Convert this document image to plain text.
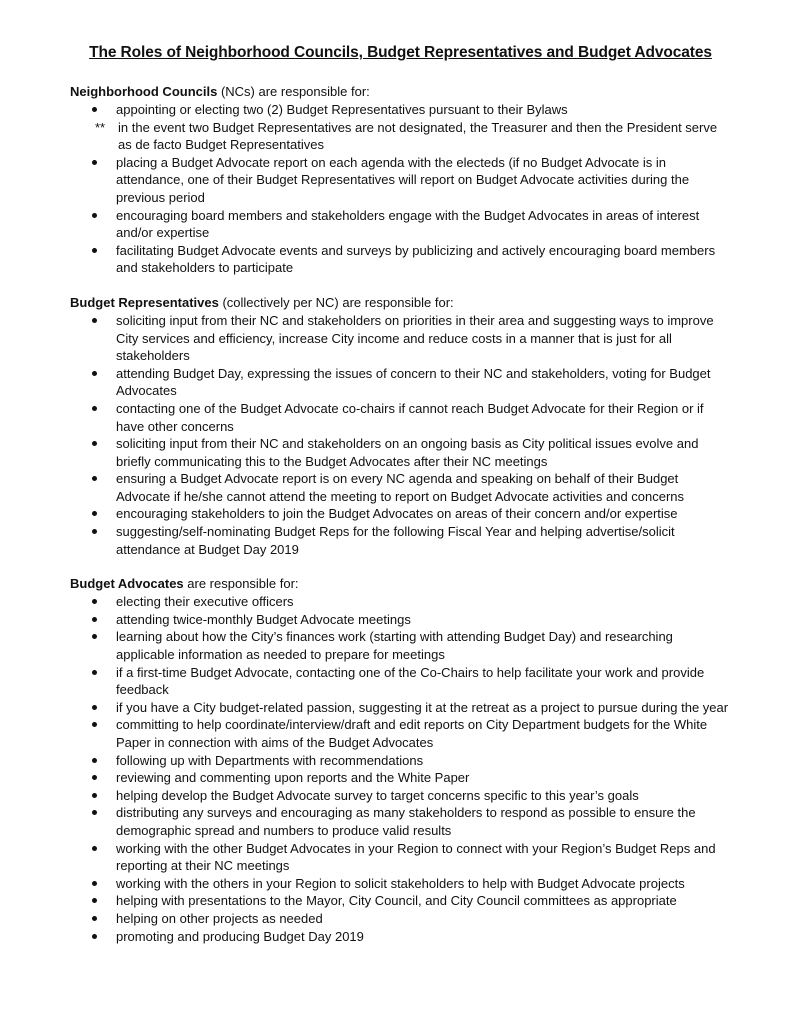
The Roles of Neighborhood Councils, Budget Representatives and Budget Advocates

Neighborhood Councils (NCs) are responsible for:

appointing or electing two (2) Budget Representatives pursuant to their Bylaws
** in the event two Budget Representatives are not designated, the Treasurer and then the President serve as de facto Budget Representatives
placing a Budget Advocate report on each agenda with the electeds (if no Budget Advocate is in attendance, one of their Budget Representatives will report on Budget Advocate activities during the previous period
encouraging board members and stakeholders engage with the Budget Advocates in areas of interest and/or expertise
facilitating Budget Advocate events and surveys by publicizing and actively encouraging board members and stakeholders to participate

Budget Representatives (collectively per NC) are responsible for:

soliciting input from their NC and stakeholders on priorities in their area and suggesting ways to improve City services and efficiency, increase City income and reduce costs in a manner that is just for all stakeholders
attending Budget Day, expressing the issues of concern to their NC and stakeholders, voting for Budget Advocates
contacting one of the Budget Advocate co-chairs if cannot reach Budget Advocate for their Region or if have other concerns
soliciting input from their NC and stakeholders on an ongoing basis as City political issues evolve and briefly communicating this to the Budget Advocates after their NC meetings
ensuring a Budget Advocate report is on every NC agenda and speaking on behalf of their Budget Advocate if he/she cannot attend the meeting to report on Budget Advocate activities and concerns
encouraging stakeholders to join the Budget Advocates on areas of their concern and/or expertise
suggesting/self-nominating Budget Reps for the following Fiscal Year and helping advertise/solicit attendance at Budget Day 2019

Budget Advocates are responsible for:

electing their executive officers
attending twice-monthly Budget Advocate meetings
learning about how the City’s finances work (starting with attending Budget Day) and researching applicable information as needed to prepare for meetings
if a first-time Budget Advocate, contacting one of the Co-Chairs to help facilitate your work and provide feedback
if you have a City budget-related passion, suggesting it at the retreat as a project to pursue during the year
committing to help coordinate/interview/draft and edit reports on City Department budgets for the White Paper in connection with aims of the Budget Advocates
following up with Departments with recommendations
reviewing and commenting upon reports and the White Paper
helping develop the Budget Advocate survey to target concerns specific to this year’s goals
distributing any surveys and encouraging as many stakeholders to respond as possible to ensure the demographic spread and numbers to produce valid results
working with the other Budget Advocates in your Region to connect with your Region’s Budget Reps and reporting at their NC meetings
working with the others in your Region to solicit stakeholders to help with Budget Advocate projects
helping with presentations to the Mayor, City Council, and City Council committees as appropriate
helping on other projects as needed
promoting and producing Budget Day 2019
